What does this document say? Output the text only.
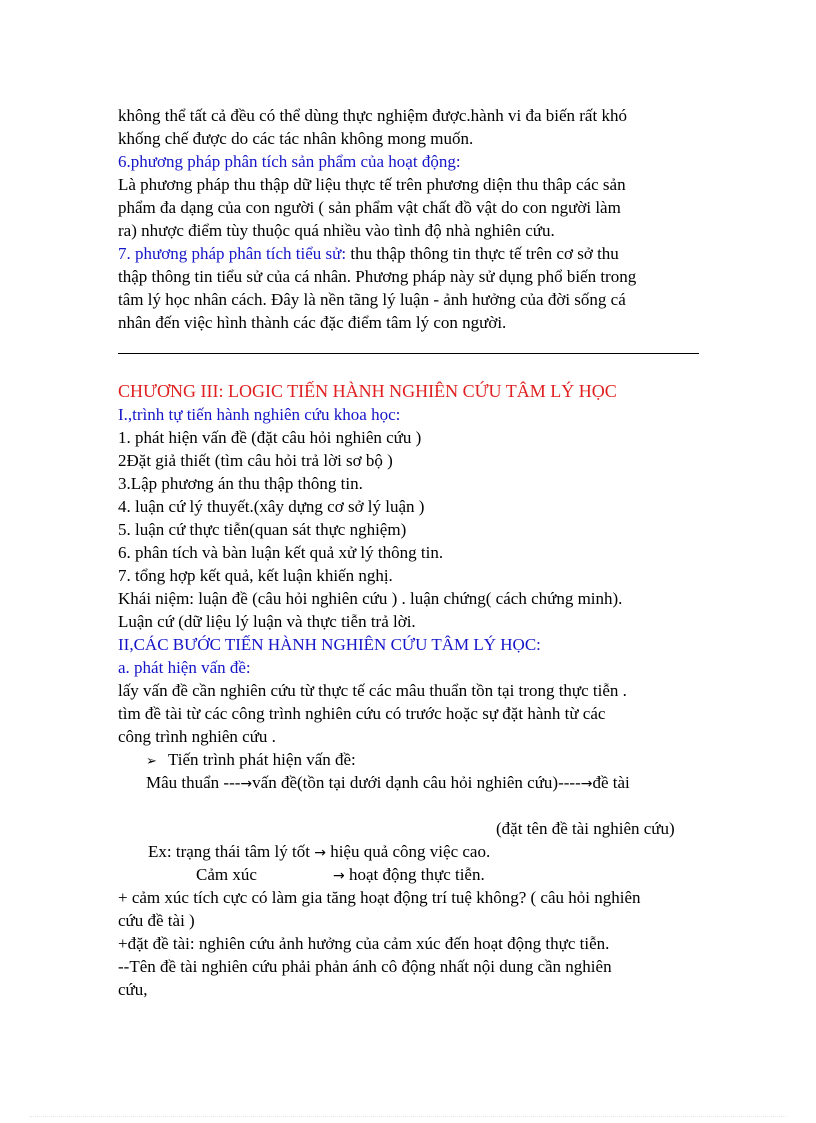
không thể tất cả đều có thể dùng thực nghiệm được.hành vi đa biến rất khó
khống chế được do các tác nhân không mong muốn.
6.phương pháp phân tích sản phẩm của hoạt động:
Là phương pháp thu thập dữ liệu thực tế trên phương diện thu thâp các sản
phẩm đa dạng của con người ( sản phẩm vật chất đồ vật do con người làm
ra) nhược điểm tùy thuộc quá nhiều vào tình độ nhà nghiên cứu.
7. phương pháp phân tích tiểu sử: thu thập thông tin thực tế trên cơ sở thu
thập thông tin tiểu sử của cá nhân. Phương pháp này sử dụng phổ biến trong
tâm lý học nhân cách. Đây là nền tãng lý luận - ảnh hưởng của đời sống cá
nhân đến việc hình thành các đặc điểm tâm lý con người.
CHƯƠNG III: LOGIC TIẾN HÀNH NGHIÊN CỨU TÂM LÝ HỌC
I.,trình tự tiến hành nghiên cứu khoa học:
1. phát hiện vấn đề (đặt câu hỏi nghiên cứu )
2Đặt giả thiết (tìm câu hỏi trả lời sơ bộ )
3.Lập phương án thu thập thông tin.
4. luận cứ lý thuyết.(xây dựng cơ sở lý luận )
5. luận cứ thực tiễn(quan sát thực nghiệm)
6. phân tích và bàn luận kết quả xử lý thông tin.
7. tổng hợp kết quả, kết luận khiến nghị.
Khái niệm: luận đề (câu hỏi nghiên cứu ) . luận chứng( cách chứng minh).
Luận cứ (dữ liệu lý luận và thực tiễn trả lời.
II,CÁC BƯỚC TIẾN HÀNH NGHIÊN CỨU TÂM LÝ HỌC:
a. phát hiện vấn đề:
lấy vấn đề cần nghiên cứu từ thực tế các mâu thuẩn tồn tại trong thực tiễn .
tìm đề tài từ các công trình nghiên cứu có trước hoặc sự đặt hành từ các
công trình nghiên cứu .
➢ Tiến trình phát hiện vấn đề:
Mâu thuẩn ---→vấn đề(tồn tại dưới dạnh câu hỏi nghiên cứu)----→đề tài
(đặt tên đề tài nghiên cứu)
Ex: trạng thái tâm lý tốt → hiệu quả công việc cao.
Cảm xúc	→ hoạt động thực tiễn.
+ cảm xúc tích cực có làm gia tăng hoạt động trí tuệ không? ( câu hỏi nghiên
cứu đề tài )
+đặt đề tài: nghiên cứu ảnh hưởng của cảm xúc đến hoạt động thực tiễn.
--Tên đề tài nghiên cứu phải phản ánh cô động nhất nội dung cần nghiên
cứu,
